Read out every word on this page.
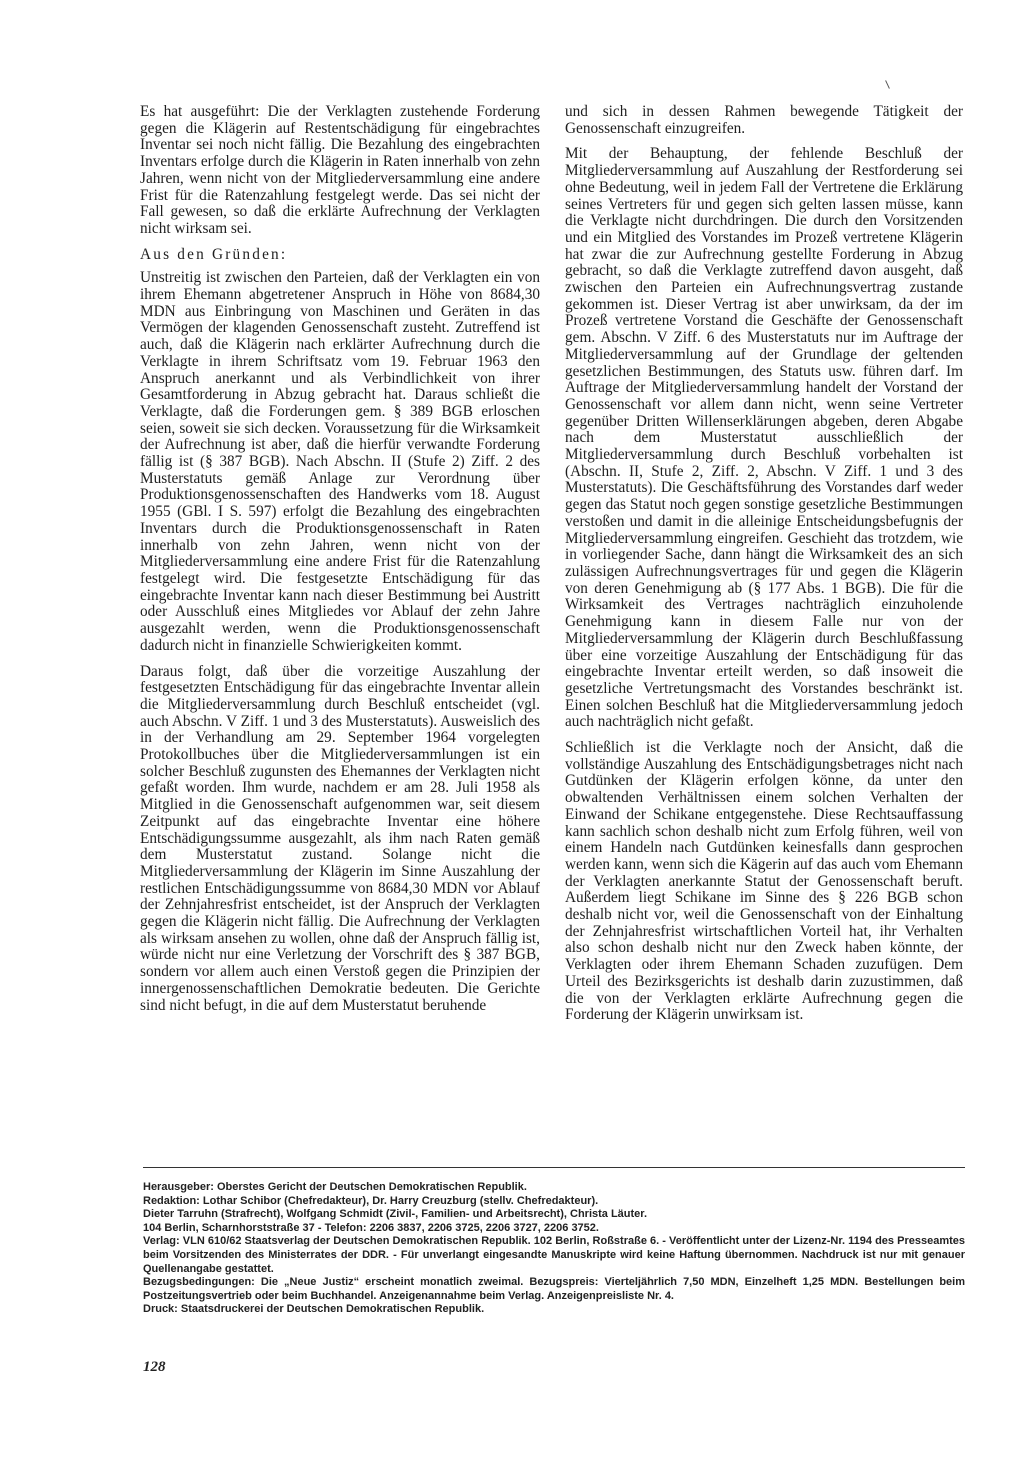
Es hat ausgeführt: Die der Verklagten zustehende Forderung gegen die Klägerin auf Restentschädigung für eingebrachtes Inventar sei noch nicht fällig. Die Bezahlung des eingebrachten Inventars erfolge durch die Klägerin in Raten innerhalb von zehn Jahren, wenn nicht von der Mitgliederversammlung eine andere Frist für die Ratenzahlung festgelegt werde. Das sei nicht der Fall gewesen, so daß die erklärte Aufrechnung der Verklagten nicht wirksam sei.

Aus den Gründen:

Unstreitig ist zwischen den Parteien, daß der Verklagten ein von ihrem Ehemann abgetretener Anspruch in Höhe von 8684,30 MDN aus Einbringung von Maschinen und Geräten in das Vermögen der klagenden Genossenschaft zusteht. Zutreffend ist auch, daß die Klägerin nach erklärter Aufrechnung durch die Verklagte in ihrem Schriftsatz vom 19. Februar 1963 den Anspruch anerkannt und als Verbindlichkeit von ihrer Gesamtforderung in Abzug gebracht hat. Daraus schließt die Verklagte, daß die Forderungen gem. § 389 BGB erloschen seien, soweit sie sich decken. Voraussetzung für die Wirksamkeit der Aufrechnung ist aber, daß die hierfür verwandte Forderung fällig ist (§ 387 BGB). Nach Abschn. II (Stufe 2) Ziff. 2 des Musterstatuts gemäß Anlage zur Verordnung über Produktionsgenossenschaften des Handwerks vom 18. August 1955 (GBl. I S. 597) erfolgt die Bezahlung des eingebrachten Inventars durch die Produktionsgenossenschaft in Raten innerhalb von zehn Jahren, wenn nicht von der Mitgliederversammlung eine andere Frist für die Ratenzahlung festgelegt wird. Die festgesetzte Entschädigung für das eingebrachte Inventar kann nach dieser Bestimmung bei Austritt oder Ausschluß eines Mitgliedes vor Ablauf der zehn Jahre ausgezahlt werden, wenn die Produktionsgenossenschaft dadurch nicht in finanzielle Schwierigkeiten kommt.

Daraus folgt, daß über die vorzeitige Auszahlung der festgesetzten Entschädigung für das eingebrachte Inventar allein die Mitgliederversammlung durch Beschluß entscheidet (vgl. auch Abschn. V Ziff. 1 und 3 des Musterstatuts). Ausweislich des in der Verhandlung am 29. September 1964 vorgelegten Protokollbuches über die Mitgliederversammlungen ist ein solcher Beschluß zugunsten des Ehemannes der Verklagten nicht gefaßt worden. Ihm wurde, nachdem er am 28. Juli 1958 als Mitglied in die Genossenschaft aufgenommen war, seit diesem Zeitpunkt auf das eingebrachte Inventar eine höhere Entschädigungssumme ausgezahlt, als ihm nach Raten gemäß dem Musterstatut zustand. Solange nicht die Mitgliederversammlung der Klägerin im Sinne Auszahlung der restlichen Entschädigungssumme von 8684,30 MDN vor Ablauf der Zehnjahresfrist entscheidet, ist der Anspruch der Verklagten gegen die Klägerin nicht fällig. Die Aufrechnung der Verklagten als wirksam ansehen zu wollen, ohne daß der Anspruch fällig ist, würde nicht nur eine Verletzung der Vorschrift des § 387 BGB, sondern vor allem auch einen Verstoß gegen die Prinzipien der innergenossenschaftlichen Demokratie bedeuten. Die Gerichte sind nicht befugt, in die auf dem Musterstatut beruhende

und sich in dessen Rahmen bewegende Tätigkeit der Genossenschaft einzugreifen.

Mit der Behauptung, der fehlende Beschluß der Mitgliederversammlung auf Auszahlung der Restforderung sei ohne Bedeutung, weil in jedem Fall der Vertretene die Erklärung seines Vertreters für und gegen sich gelten lassen müsse, kann die Verklagte nicht durchdringen. Die durch den Vorsitzenden und ein Mitglied des Vorstandes im Prozeß vertretene Klägerin hat zwar die zur Aufrechnung gestellte Forderung in Abzug gebracht, so daß die Verklagte zutreffend davon ausgeht, daß zwischen den Parteien ein Aufrechnungsvertrag zustande gekommen ist. Dieser Vertrag ist aber unwirksam, da der im Prozeß vertretene Vorstand die Geschäfte der Genossenschaft gem. Abschn. V Ziff. 6 des Musterstatuts nur im Auftrage der Mitgliederversammlung auf der Grundlage der geltenden gesetzlichen Bestimmungen, des Statuts usw. führen darf. Im Auftrage der Mitgliederversammlung handelt der Vorstand der Genossenschaft vor allem dann nicht, wenn seine Vertreter gegenüber Dritten Willenserklärungen abgeben, deren Abgabe nach dem Musterstatut ausschließlich der Mitgliederversammlung durch Beschluß vorbehalten ist (Abschn. II, Stufe 2, Ziff. 2, Abschn. V Ziff. 1 und 3 des Musterstatuts). Die Geschäftsführung des Vorstandes darf weder gegen das Statut noch gegen sonstige gesetzliche Bestimmungen verstoßen und damit in die alleinige Entscheidungsbefugnis der Mitgliederversammlung eingreifen. Geschieht das trotzdem, wie in vorliegender Sache, dann hängt die Wirksamkeit des an sich zulässigen Aufrechnungsvertrages für und gegen die Klägerin von deren Genehmigung ab (§ 177 Abs. 1 BGB). Die für die Wirksamkeit des Vertrages nachträglich einzuholende Genehmigung kann in diesem Falle nur von der Mitgliederversammlung der Klägerin durch Beschlußfassung über eine vorzeitige Auszahlung der Entschädigung für das eingebrachte Inventar erteilt werden, so daß insoweit die gesetzliche Vertretungsmacht des Vorstandes beschränkt ist. Einen solchen Beschluß hat die Mitgliederversammlung jedoch auch nachträglich nicht gefaßt.

Schließlich ist die Verklagte noch der Ansicht, daß die vollständige Auszahlung des Entschädigungsbetrages nicht nach Gutdünken der Klägerin erfolgen könne, da unter den obwaltenden Verhältnissen einem solchen Verhalten der Einwand der Schikane entgegenstehe. Diese Rechtsauffassung kann sachlich schon deshalb nicht zum Erfolg führen, weil von einem Handeln nach Gutdünken keinesfalls dann gesprochen werden kann, wenn sich die Kägerin auf das auch vom Ehemann der Verklagten anerkannte Statut der Genossenschaft beruft. Außerdem liegt Schikane im Sinne des § 226 BGB schon deshalb nicht vor, weil die Genossenschaft von der Einhaltung der Zehnjahresfrist wirtschaftlichen Vorteil hat, ihr Verhalten also schon deshalb nicht nur den Zweck haben könnte, der Verklagten oder ihrem Ehemann Schaden zuzufügen. Dem Urteil des Bezirksgerichts ist deshalb darin zuzustimmen, daß die von der Verklagten erklärte Aufrechnung gegen die Forderung der Klägerin unwirksam ist.

Herausgeber: Oberstes Gericht der Deutschen Demokratischen Republik.
Redaktion: Lothar Schibor (Chefredakteur), Dr. Harry Creuzburg (stellv. Chefredakteur).
Dieter Tarruhn (Strafrecht), Wolfgang Schmidt (Zivil-, Familien- und Arbeitsrecht), Christa Läuter.
104 Berlin, Scharnhorststraße 37 - Telefon: 2206 3837, 2206 3725, 2206 3727, 2206 3752.
Verlag: VLN 610/62 Staatsverlag der Deutschen Demokratischen Republik. 102 Berlin, Roßstraße 6. - Veröffentlicht unter der Lizenz-Nr. 1194 des Presseamtes beim Vorsitzenden des Ministerrates der DDR. - Für unverlangt eingesandte Manuskripte wird keine Haftung übernommen. Nachdruck ist nur mit genauer Quellenangabe gestattet.
Bezugsbedingungen: Die „Neue Justiz“ erscheint monatlich zweimal. Bezugspreis: Vierteljährlich 7,50 MDN, Einzelheft 1,25 MDN. Bestellungen beim Postzeitungsvertrieb oder beim Buchhandel. Anzeigenannahme beim Verlag. Anzeigenpreisliste Nr. 4.
Druck: Staatsdruckerei der Deutschen Demokratischen Republik.
128
